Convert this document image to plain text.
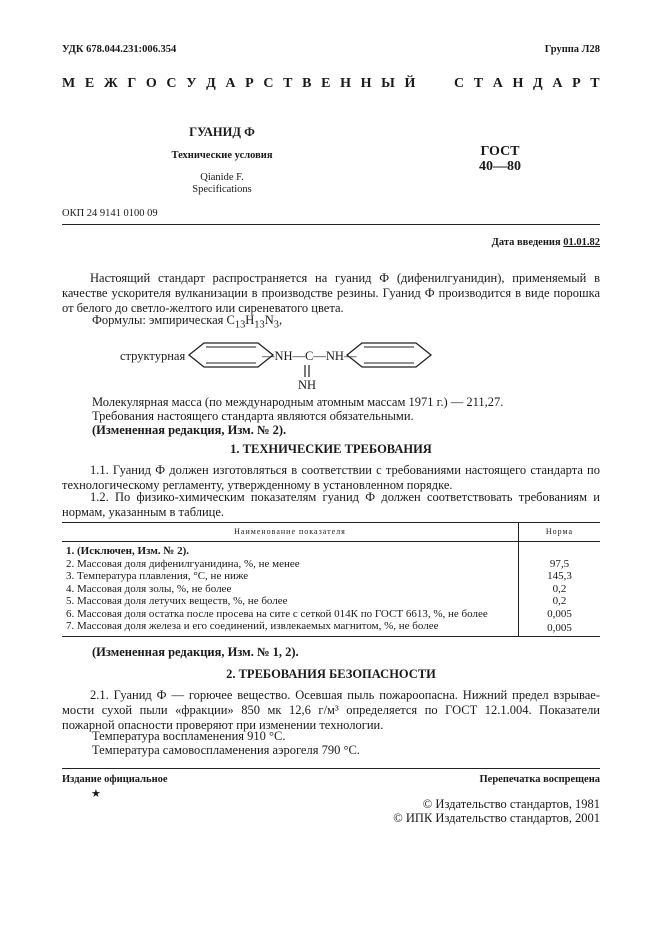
УДК 678.044.231:006.354	Группа Л28
М Е Ж Г О С У Д А Р С Т В Е Н Н Ы Й	С Т А Н Д А Р Т
ГУАНИД Ф
Технические условия
Qianide F.
Specifications
ГОСТ
40—80
ОКП 24 9141 0100 09
Дата введения 01.01.82
Настоящий стандарт распространяется на гуанид Ф (дифенилгуанидин), применяемый в качестве ускорителя вулканизации в производстве резины. Гуанид Ф производится в виде порошка от белого до светло-желтого или сиреневатого цвета.
Формулы: эмпирическая $C_{13}H_{13}N_3$,
структурная	—NH—C—NH—
NH
Молекулярная масса (по международным атомным массам 1971 г.) — 211,27.
Требования настоящего стандарта являются обязательными.
(Измененная редакция, Изм. № 2).
1. ТЕХНИЧЕСКИЕ ТРЕБОВАНИЯ
1.1. Гуанид Ф должен изготовляться в соответствии с требованиями настоящего стандарта по технологическому регламенту, утвержденному в установленном порядке.
1.2. По физико-химическим показателям гуанид Ф должен соответствовать требованиям и нормам, указанным в таблице.
Наименование показателя	Норма
1. (Исключен, Изм. № 2).	
2. Массовая доля дифенилгуанидина, %, не менее	97,5
3. Температура плавления, °С, не ниже	145,3
4. Массовая доля золы, %, не более	0,2
5. Массовая доля летучих веществ, %, не более	0,2
6. Массовая доля остатка после просева на сите с сеткой 014К по ГОСТ 6613, %, не более	0,005
7. Массовая доля железа и его соединений, извлекаемых магнитом, %, не более	0,005
(Измененная редакция, Изм. № 1, 2).
2. ТРЕБОВАНИЯ БЕЗОПАСНОСТИ
2.1. Гуанид Ф — горючее вещество. Осевшая пыль пожароопасна. Нижний предел взрываемости сухой пыли «фракции» 850 мк 12,6 г/м³ определяется по ГОСТ 12.1.004. Показатели пожарной опасности проверяют при изменении технологии.
Температура воспламенения 910 °С.
Температура самовоспламенения аэрогеля 790 °С.
Издание официальное	Перепечатка воспрещена
★
© Издательство стандартов, 1981
© ИПК Издательство стандартов, 2001
